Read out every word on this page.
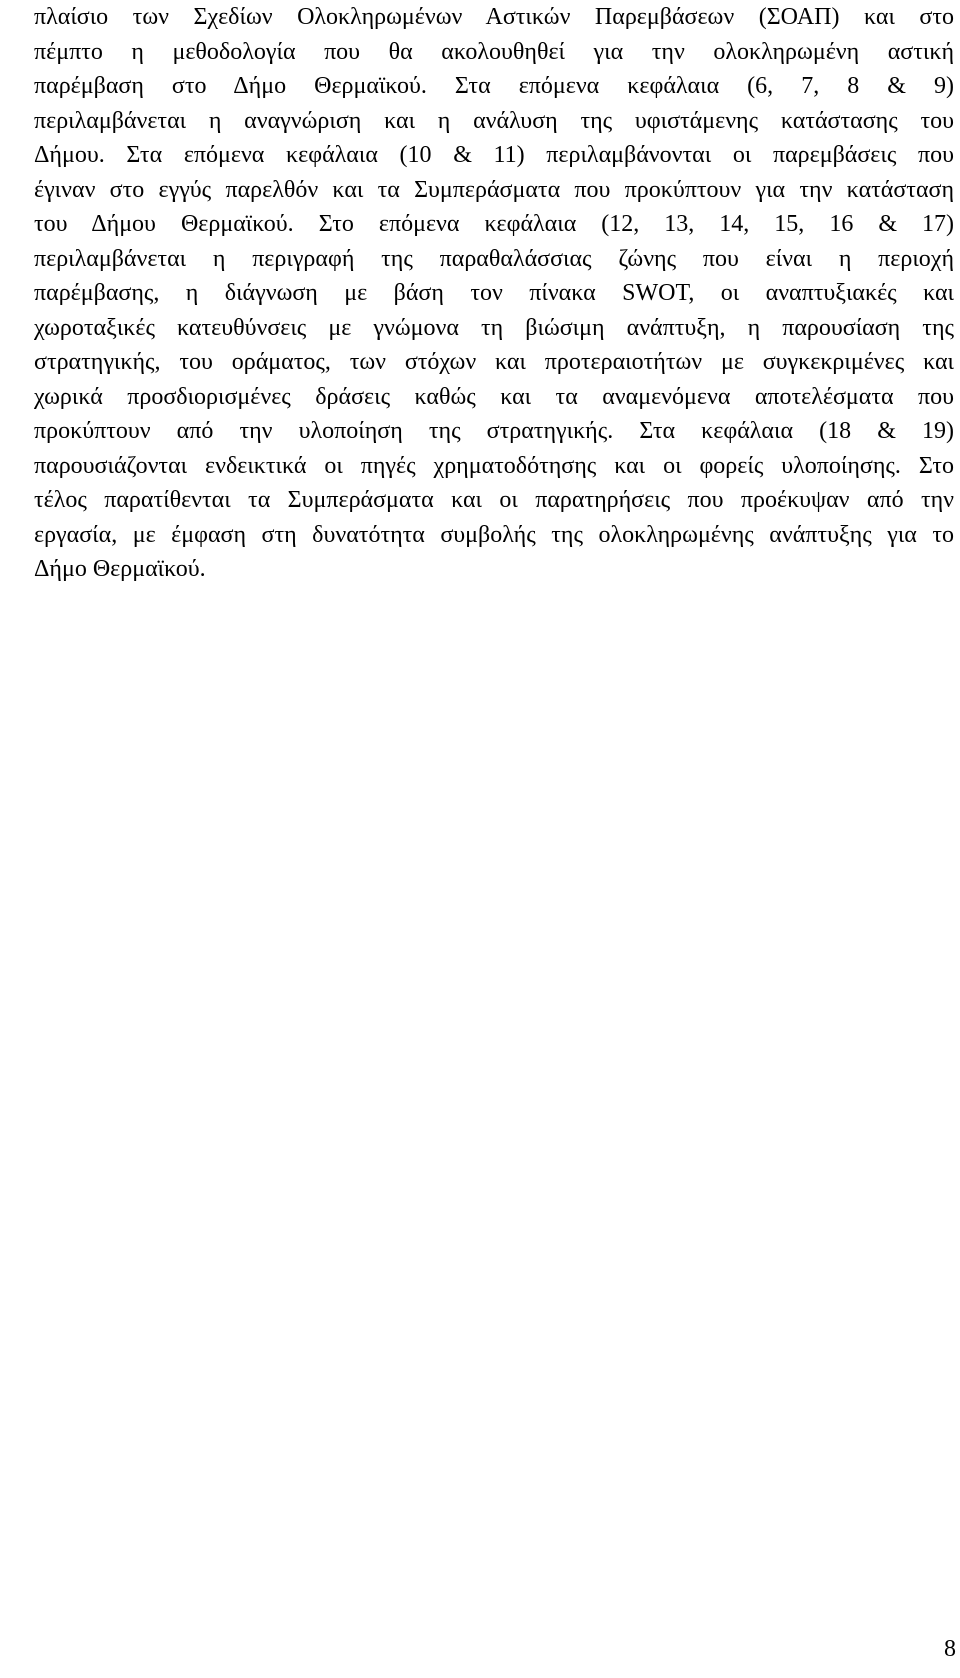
πλαίσιο των Σχεδίων Ολοκληρωμένων Αστικών Παρεμβάσεων (ΣΟΑΠ) και στο
πέμπτο η μεθοδολογία που θα ακολουθηθεί για την ολοκληρωμένη αστική
παρέμβαση στο Δήμο Θερμαϊκού. Στα επόμενα κεφάλαια (6, 7, 8 & 9)
περιλαμβάνεται η αναγνώριση και η ανάλυση της υφιστάμενης κατάστασης του
Δήμου. Στα επόμενα κεφάλαια (10 & 11) περιλαμβάνονται οι παρεμβάσεις που
έγιναν στο εγγύς παρελθόν και τα Συμπεράσματα που προκύπτουν για την κατάσταση
του Δήμου Θερμαϊκού. Στο επόμενα κεφάλαια (12, 13, 14, 15, 16 & 17)
περιλαμβάνεται η περιγραφή της παραθαλάσσιας ζώνης που είναι η περιοχή
παρέμβασης, η διάγνωση με βάση τον πίνακα SWOT, οι αναπτυξιακές και
χωροταξικές κατευθύνσεις με γνώμονα τη βιώσιμη ανάπτυξη, η παρουσίαση της
στρατηγικής, του οράματος, των στόχων και προτεραιοτήτων με συγκεκριμένες και
χωρικά προσδιορισμένες δράσεις καθώς και τα αναμενόμενα αποτελέσματα που
προκύπτουν από την υλοποίηση της στρατηγικής. Στα κεφάλαια (18 & 19)
παρουσιάζονται ενδεικτικά οι πηγές χρηματοδότησης και οι φορείς υλοποίησης. Στο
τέλος παρατίθενται τα Συμπεράσματα και οι παρατηρήσεις που προέκυψαν από την
εργασία, με έμφαση στη δυνατότητα συμβολής της ολοκληρωμένης ανάπτυξης για το
Δήμο Θερμαϊκού.
8
